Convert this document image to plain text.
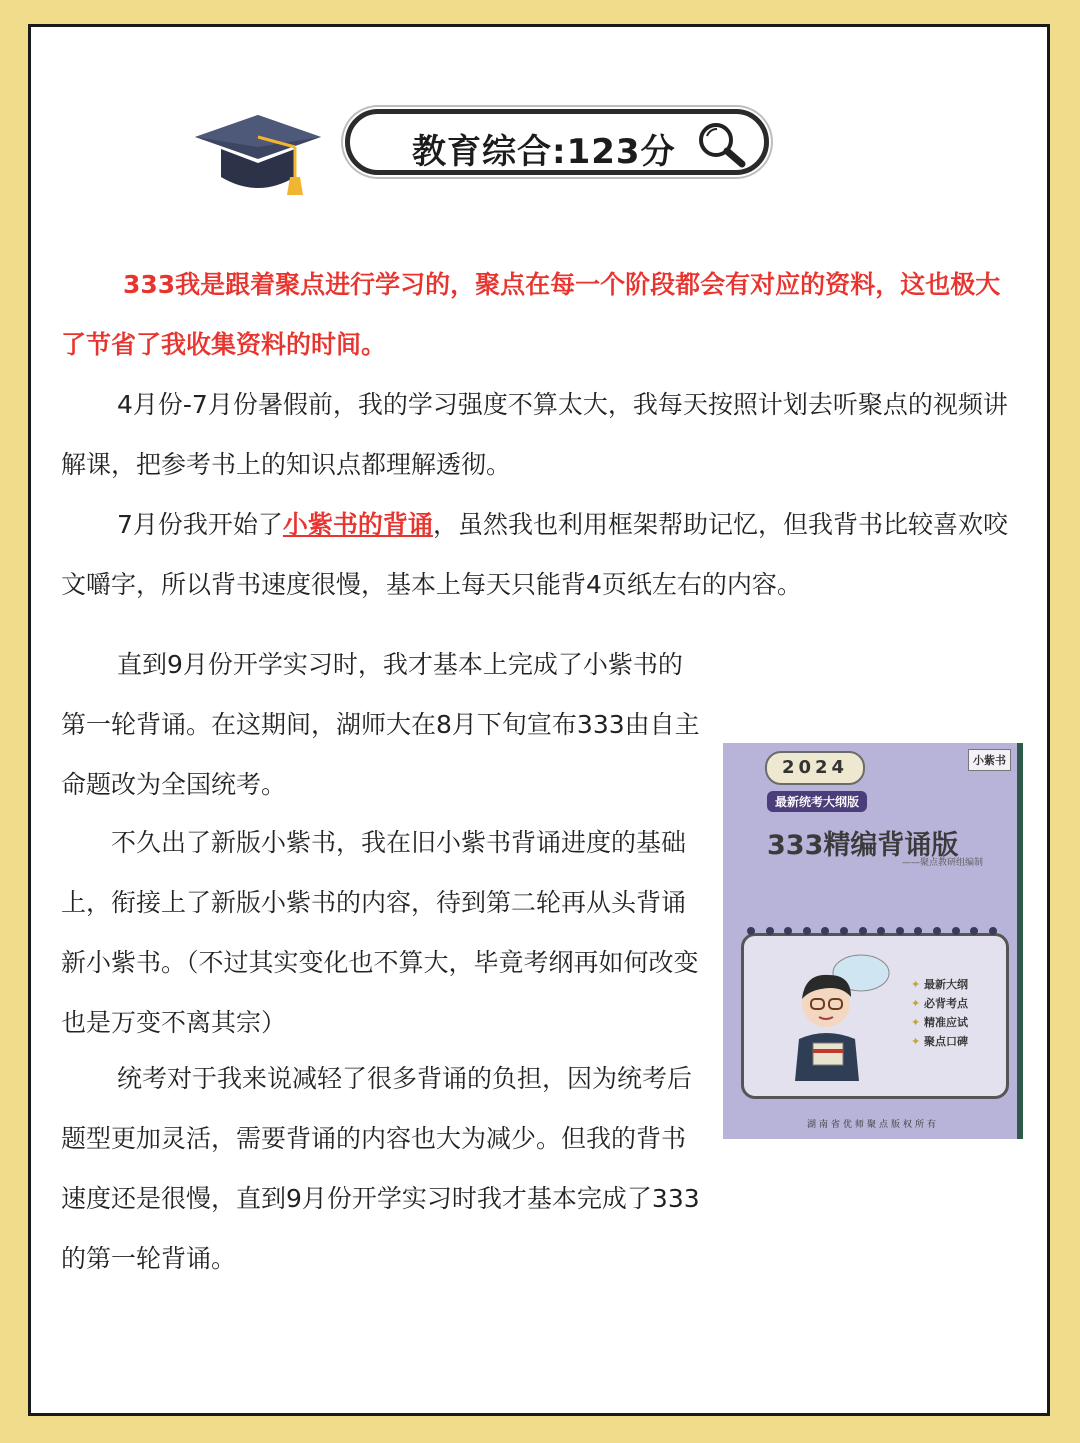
教育综合:123分
333我是跟着聚点进行学习的，聚点在每一个阶段都会有对应的资料，这也极大了节省了我收集资料的时间。
4月份-7月份暑假前，我的学习强度不算太大，我每天按照计划去听聚点的视频讲解课，把参考书上的知识点都理解透彻。
7月份我开始了小紫书的背诵，虽然我也利用框架帮助记忆，但我背书比较喜欢咬文嚼字，所以背书速度很慢，基本上每天只能背4页纸左右的内容。
直到9月份开学实习时，我才基本上完成了小紫书的第一轮背诵。在这期间，湖师大在8月下旬宣布333由自主命题改为全国统考。
不久出了新版小紫书，我在旧小紫书背诵进度的基础上，衔接上了新版小紫书的内容，待到第二轮再从头背诵新小紫书。（不过其实变化也不算大，毕竟考纲再如何改变也是万变不离其宗）
统考对于我来说减轻了很多背诵的负担，因为统考后题型更加灵活，需要背诵的内容也大为减少。但我的背书速度还是很慢，直到9月份开学实习时我才基本完成了333的第一轮背诵。
2024	小紫书
最新统考大纲版
333精编背诵版
——聚点教研组编制
✦ 最新大纲
✦ 必背考点
✦ 精准应试
✦ 聚点口碑
湖南省优师聚点版权所有
